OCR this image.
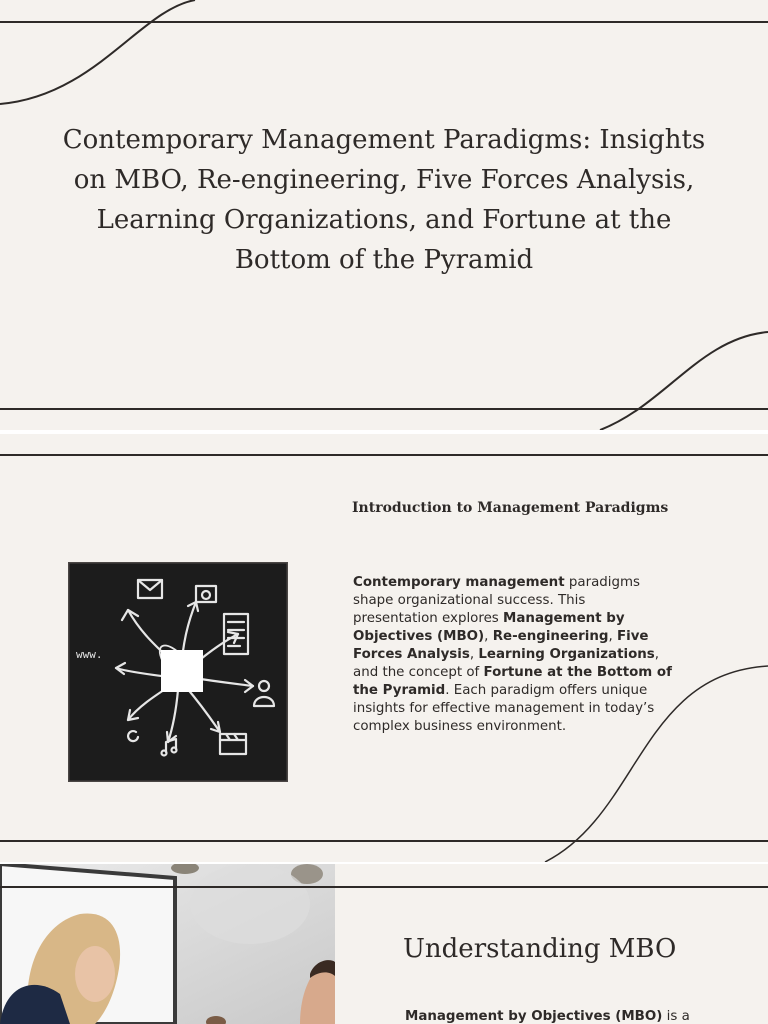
Contemporary Management Paradigms: Insights on MBO, Re-engineering, Five Forces Analysis, Learning Organizations, and Fortune at the Bottom of the Pyramid
Introduction to Management Paradigms
www.

Contemporary management paradigms shape organizational success. This presentation explores Management by Objectives (MBO), Re-engineering, Five Forces Analysis, Learning Organizations, and the concept of Fortune at the Bottom of the Pyramid. Each paradigm offers unique insights for effective management in today’s complex business environment.

Understanding MBO

Management by Objectives (MBO) is a
